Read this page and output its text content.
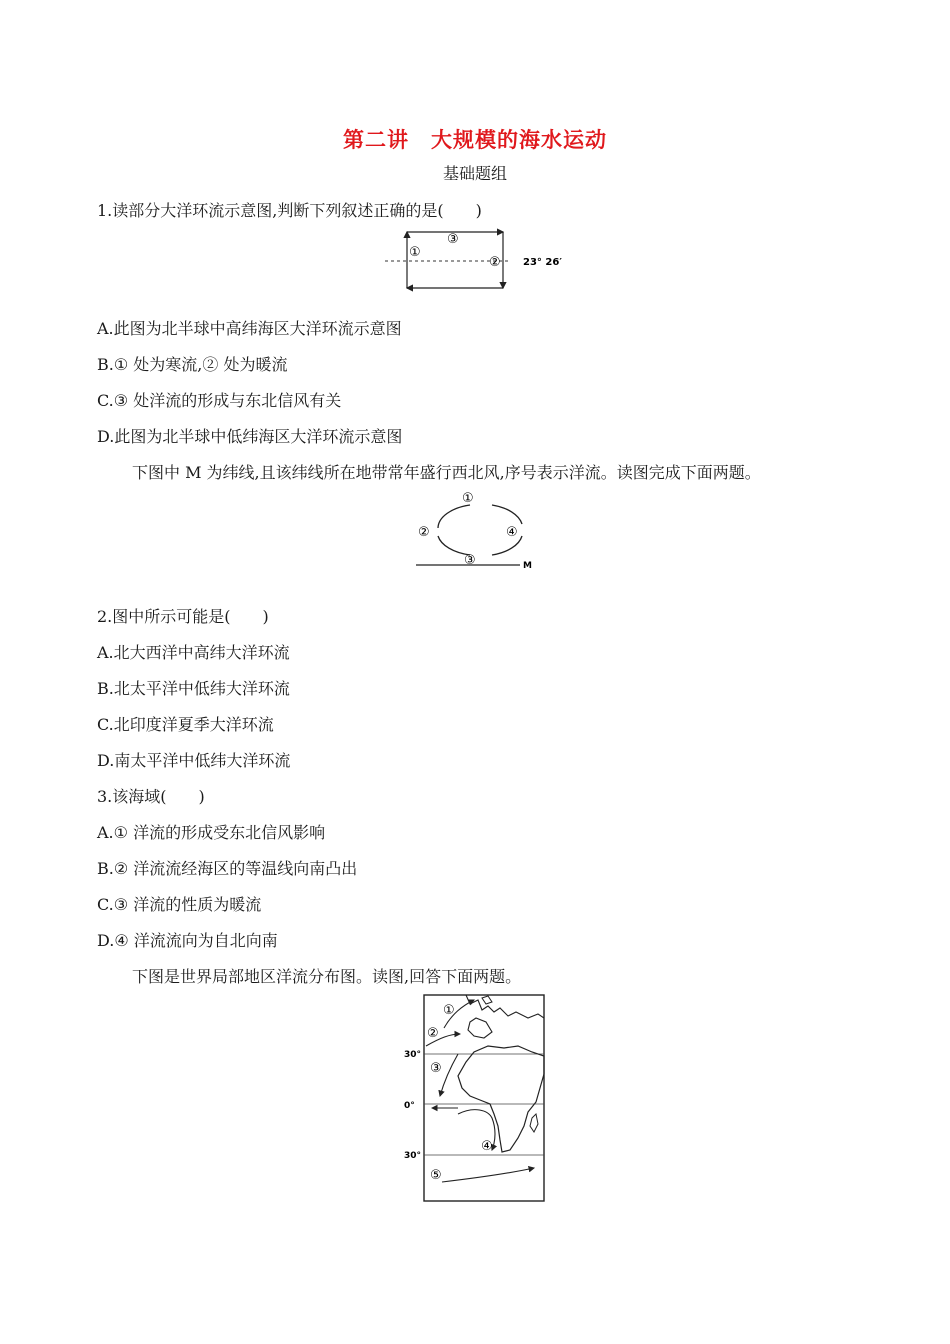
第二讲　大规模的海水运动
基础题组
1.读部分大洋环流示意图,判断下列叙述正确的是(　　)
①
②
③
23° 26′
A.此图为北半球中高纬海区大洋环流示意图
B.① 处为寒流,② 处为暖流
C.③ 处洋流的形成与东北信风有关
D.此图为北半球中低纬海区大洋环流示意图
下图中 M 为纬线,且该纬线所在地带常年盛行西北风,序号表示洋流。读图完成下面两题。
①
②
③
④
M
2.图中所示可能是(　　)
A.北大西洋中高纬大洋环流
B.北太平洋中低纬大洋环流
C.北印度洋夏季大洋环流
D.南太平洋中低纬大洋环流
3.该海域(　　)
A.① 洋流的形成受东北信风影响
B.② 洋流流经海区的等温线向南凸出
C.③ 洋流的性质为暖流
D.④ 洋流流向为自北向南
下图是世界局部地区洋流分布图。读图,回答下面两题。
①
②
③
④
⑤
30°
0°
30°
